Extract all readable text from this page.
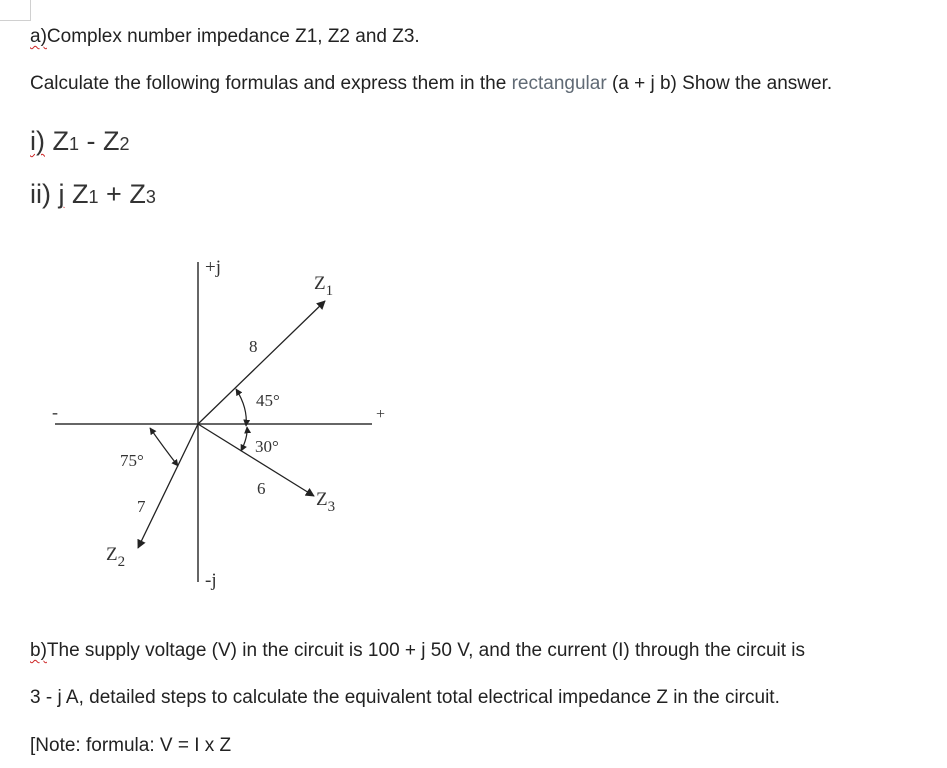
a)Complex number impedance Z1, Z2 and Z3.
Calculate the following formulas and express them in the rectangular (a + j b) Show the answer.
i) Z1 - Z2
ii) j Z1 + Z3
+j
-j
+
-
$Z_1$
$Z_2$
$Z_3$
8
7
6
45°
30°
75°
b)The supply voltage (V) in the circuit is 100 + j 50 V, and the current (I) through the circuit is
3 - j A, detailed steps to calculate the equivalent total electrical impedance Z in the circuit.
[Note: formula: V = I x Z
